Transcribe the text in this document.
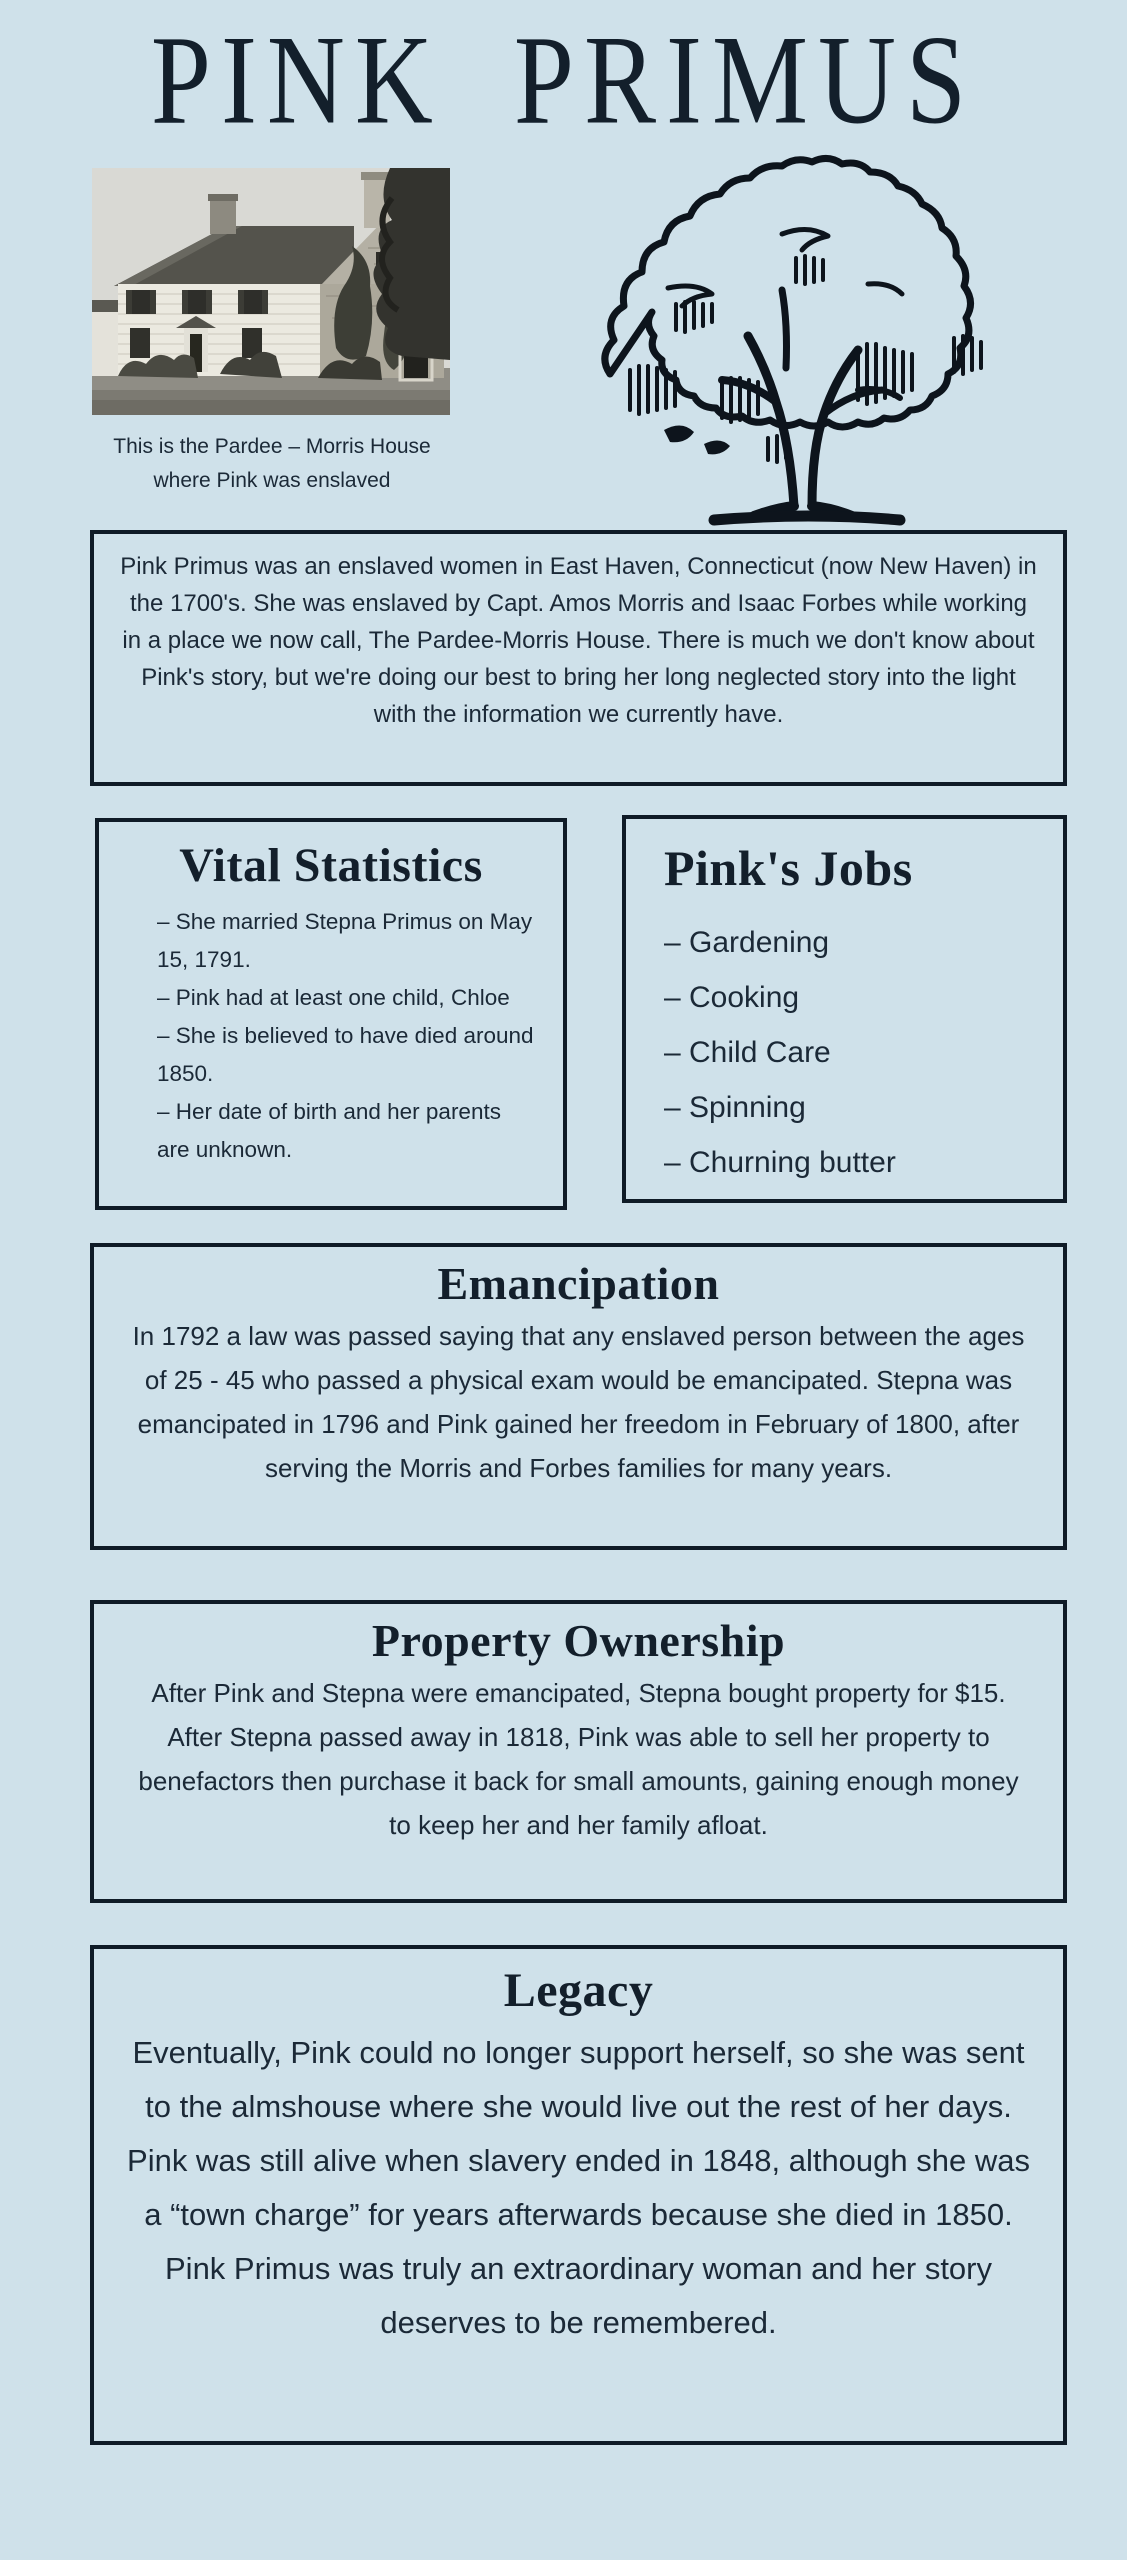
PINK PRIMUS
This is the Pardee – Morris House where Pink was enslaved
Pink Primus was an enslaved women in East Haven, Connecticut (now New Haven) in the 1700's. She was enslaved by Capt. Amos Morris and Isaac Forbes while working in a place we now call, The Pardee-Morris House. There is much we don't know about Pink's story, but we're doing our best to bring her long neglected story into the light with the information we currently have.
Vital Statistics
– She married Stepna Primus on May 15, 1791.
– Pink had at least one child, Chloe
– She is believed to have died around 1850.
– Her date of birth and her parents are unknown.
Pink's Jobs
– Gardening
– Cooking
– Child Care
– Spinning
– Churning butter
Emancipation
In 1792 a law was passed saying that any enslaved person between the ages of 25 - 45 who passed a physical exam would be emancipated. Stepna was emancipated in 1796 and Pink gained her freedom in February of 1800, after serving the Morris and Forbes families for many years.
Property Ownership
After Pink and Stepna were emancipated, Stepna bought property for $15. After Stepna passed away in 1818, Pink was able to sell her property to benefactors then purchase it back for small amounts, gaining enough money to keep her and her family afloat.
Legacy
Eventually, Pink could no longer support herself, so she was sent to the almshouse where she would live out the rest of her days. Pink was still alive when slavery ended in 1848, although she was a “town charge” for years afterwards because she died in 1850. Pink Primus was truly an extraordinary woman and her story deserves to be remembered.
